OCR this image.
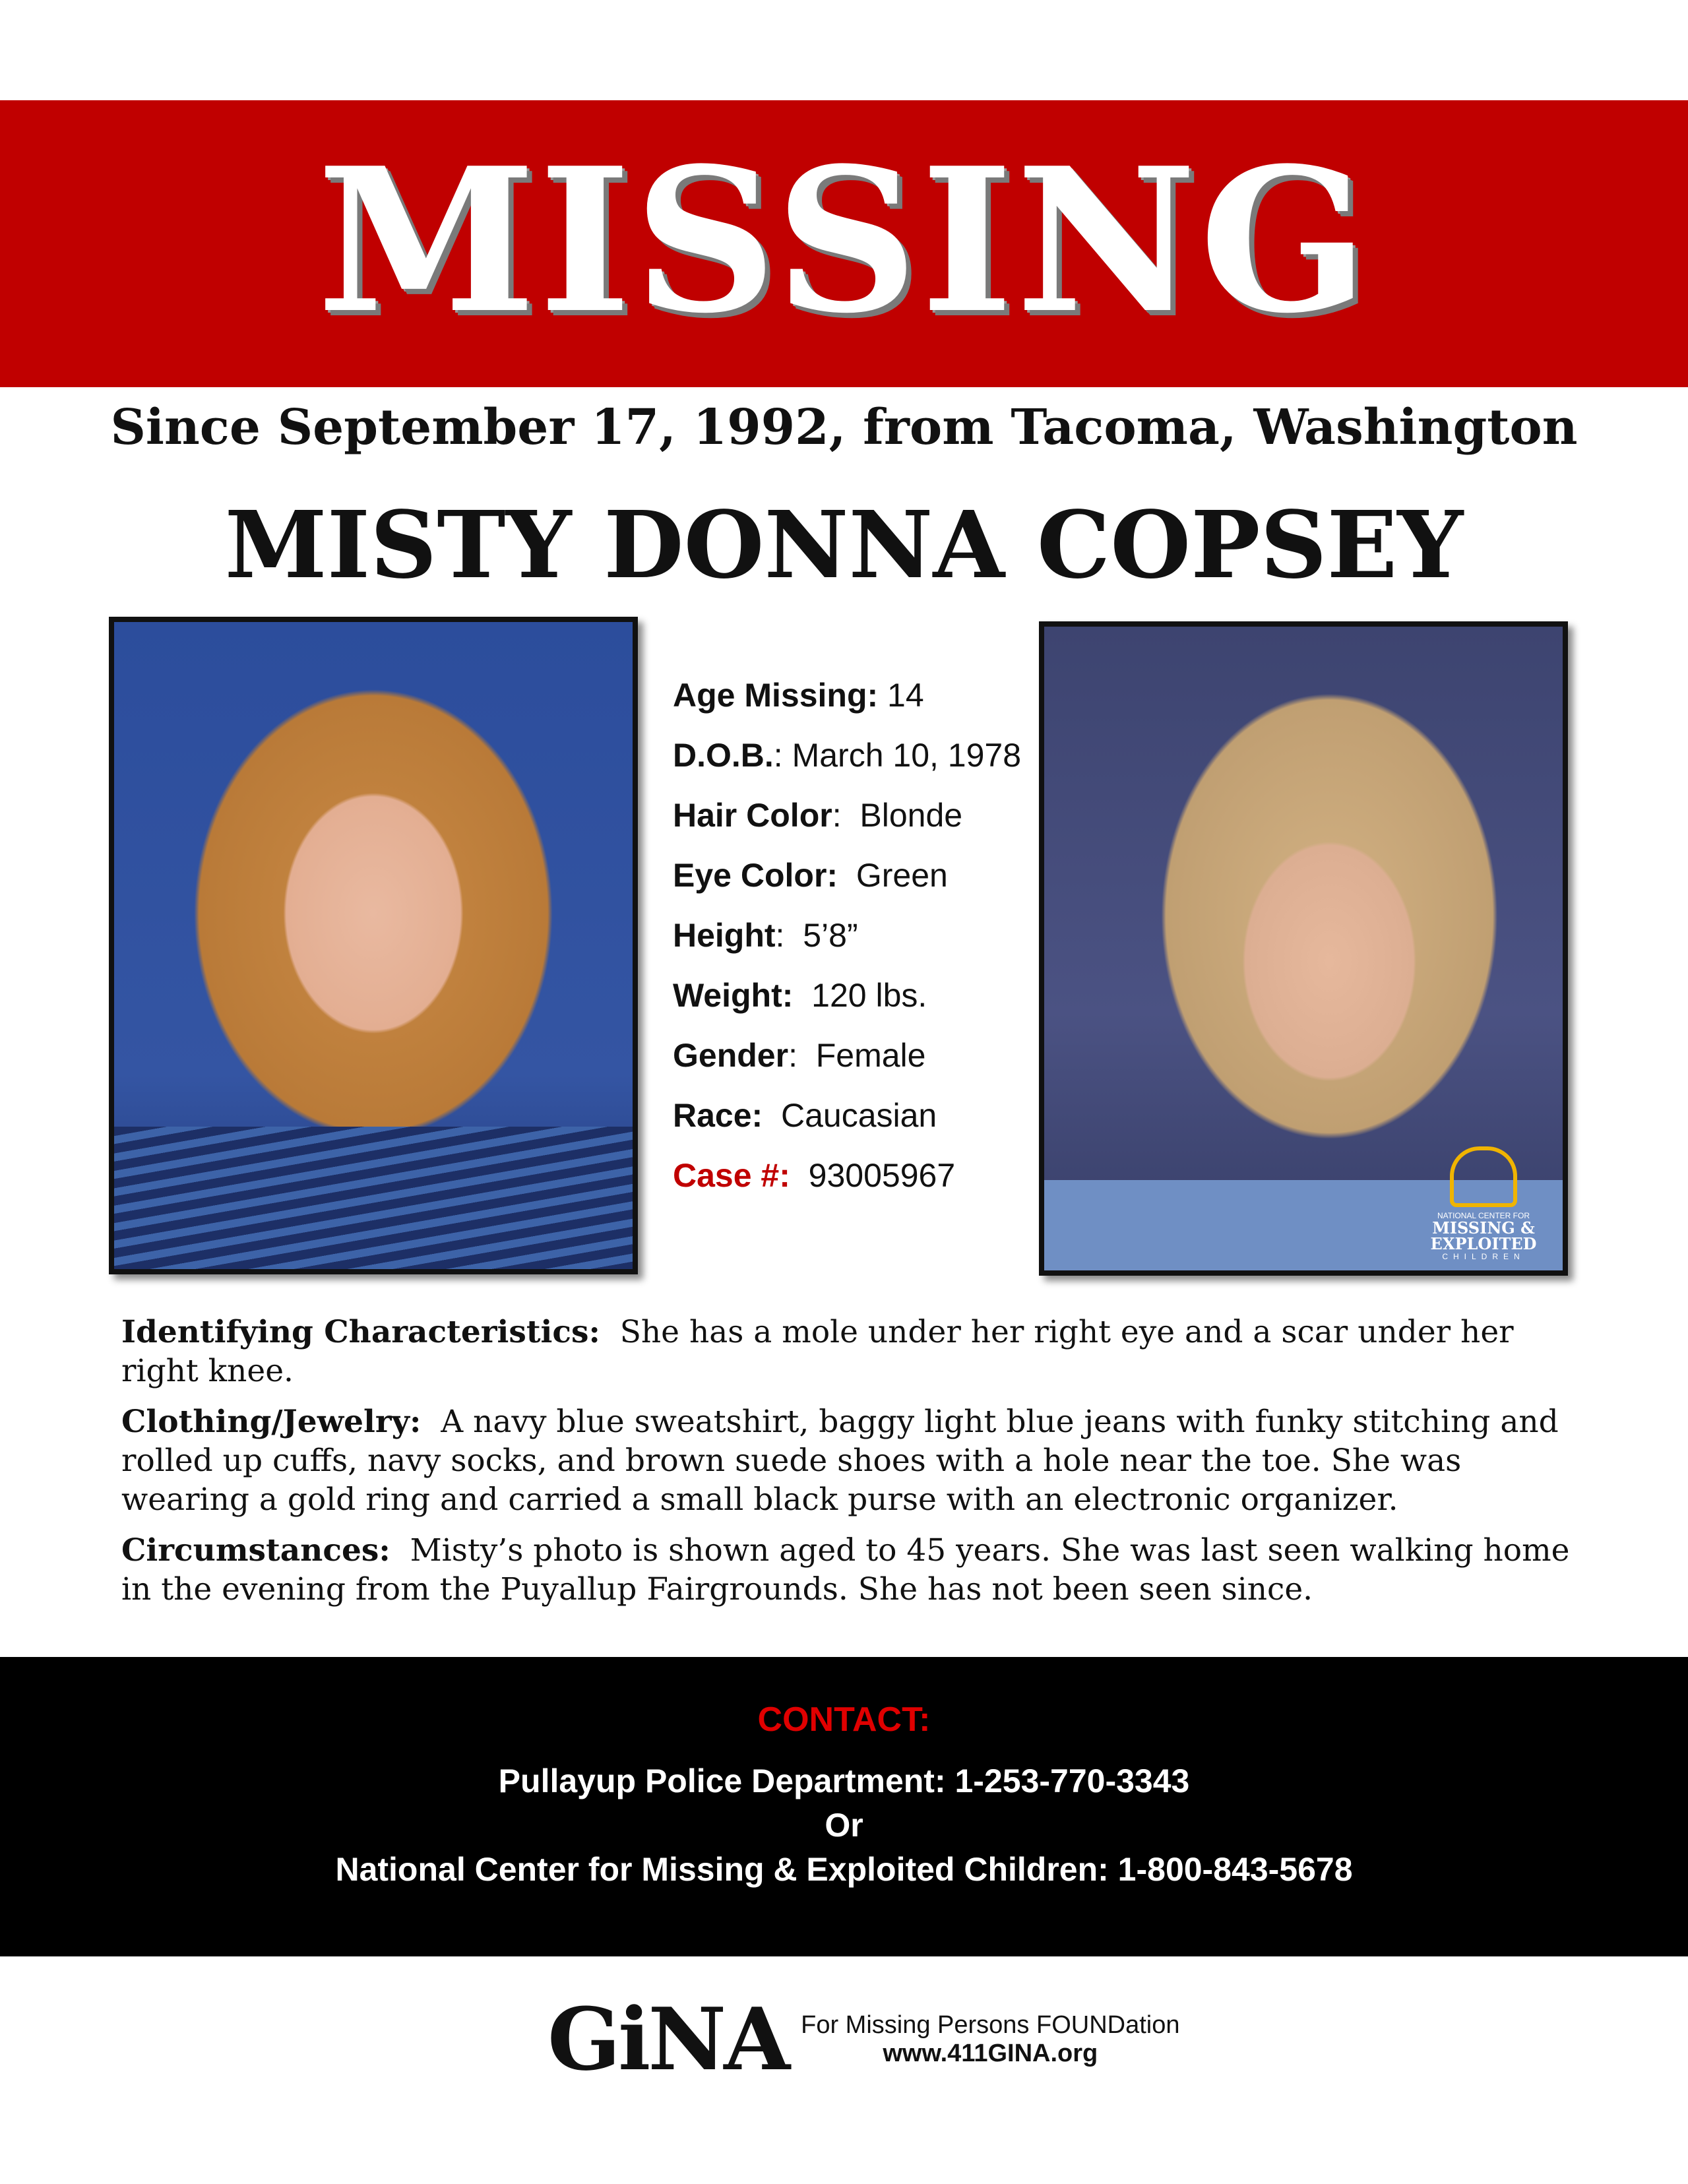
MISSING
Since September 17, 1992, from Tacoma, Washington
MISTY DONNA COPSEY
NATIONAL CENTER FOR
MISSING &
EXPLOITED
CHILDREN
Age Missing: 14
D.O.B.: March 10, 1978
Hair Color:  Blonde
Eye Color:  Green
Height:  5’8”
Weight:  120 lbs.
Gender:  Female
Race:  Caucasian
Case #:  93005967

Identifying Characteristics: She has a mole under her right eye and a scar under her right knee.

Clothing/Jewelry: A navy blue sweatshirt, baggy light blue jeans with funky stitching and rolled up cuffs, navy socks, and brown suede shoes with a hole near the toe. She was wearing a gold ring and carried a small black purse with an electronic organizer.

Circumstances: Misty’s photo is shown aged to 45 years. She was last seen walking home in the evening from the Puyallup Fairgrounds. She has not been seen since.

CONTACT:
Pullayup Police Department: 1-253-770-3343
Or
National Center for Missing & Exploited Children: 1-800-843-5678
GiNA For Missing Persons FOUNDation
www.411GINA.org
